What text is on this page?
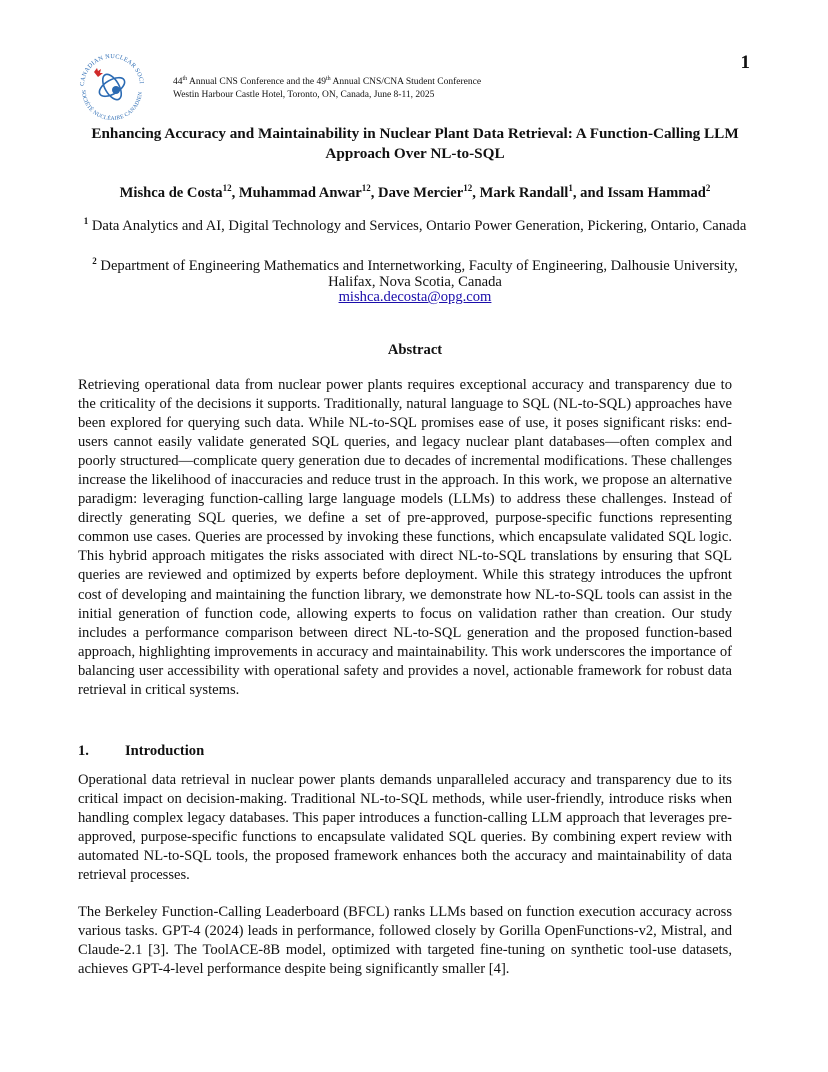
CANADIAN NUCLEAR SOCI
SOCIÉTÉ NUCLÉAIRE CANADIEN
44th Annual CNS Conference and the 49th Annual CNS/CNA Student Conference
Westin Harbour Castle Hotel, Toronto, ON, Canada, June 8-11, 2025
1
Enhancing Accuracy and Maintainability in Nuclear Plant Data Retrieval: A Function-Calling LLM Approach Over NL-to-SQL
Mishca de Costa$^{12}$, Muhammad Anwar$^{12}$, Dave Mercier$^{12}$, Mark Randall$^1$, and Issam Hammad$^2$
$^1$ Data Analytics and AI, Digital Technology and Services, Ontario Power Generation, Pickering, Ontario, Canada
$^2$ Department of Engineering Mathematics and Internetworking, Faculty of Engineering, Dalhousie University, Halifax, Nova Scotia, Canada
mishca.decosta@opg.com
Abstract
Retrieving operational data from nuclear power plants requires exceptional accuracy and transparency due to the criticality of the decisions it supports. Traditionally, natural language to SQL (NL-to-SQL) approaches have been explored for querying such data. While NL-to-SQL promises ease of use, it poses significant risks: end-users cannot easily validate generated SQL queries, and legacy nuclear plant databases—often complex and poorly structured—complicate query generation due to decades of incremental modifications. These challenges increase the likelihood of inaccuracies and reduce trust in the approach. In this work, we propose an alternative paradigm: leveraging function-calling large language models (LLMs) to address these challenges. Instead of directly generating SQL queries, we define a set of pre-approved, purpose-specific functions representing common use cases. Queries are processed by invoking these functions, which encapsulate validated SQL logic. This hybrid approach mitigates the risks associated with direct NL-to-SQL translations by ensuring that SQL queries are reviewed and optimized by experts before deployment. While this strategy introduces the upfront cost of developing and maintaining the function library, we demonstrate how NL-to-SQL tools can assist in the initial generation of function code, allowing experts to focus on validation rather than creation. Our study includes a performance comparison between direct NL-to-SQL generation and the proposed function-based approach, highlighting improvements in accuracy and maintainability. This work underscores the importance of balancing user accessibility with operational safety and provides a novel, actionable framework for robust data retrieval in critical systems.
1. Introduction
Operational data retrieval in nuclear power plants demands unparalleled accuracy and transparency due to its critical impact on decision-making. Traditional NL-to-SQL methods, while user-friendly, introduce risks when handling complex legacy databases. This paper introduces a function-calling LLM approach that leverages pre-approved, purpose-specific functions to encapsulate validated SQL queries. By combining expert review with automated NL-to-SQL tools, the proposed framework enhances both the accuracy and maintainability of data retrieval processes.
The Berkeley Function-Calling Leaderboard (BFCL) ranks LLMs based on function execution accuracy across various tasks. GPT-4 (2024) leads in performance, followed closely by Gorilla OpenFunctions-v2, Mistral, and Claude-2.1 [3]. The ToolACE-8B model, optimized with targeted fine-tuning on synthetic tool-use datasets, achieves GPT-4-level performance despite being significantly smaller [4].
